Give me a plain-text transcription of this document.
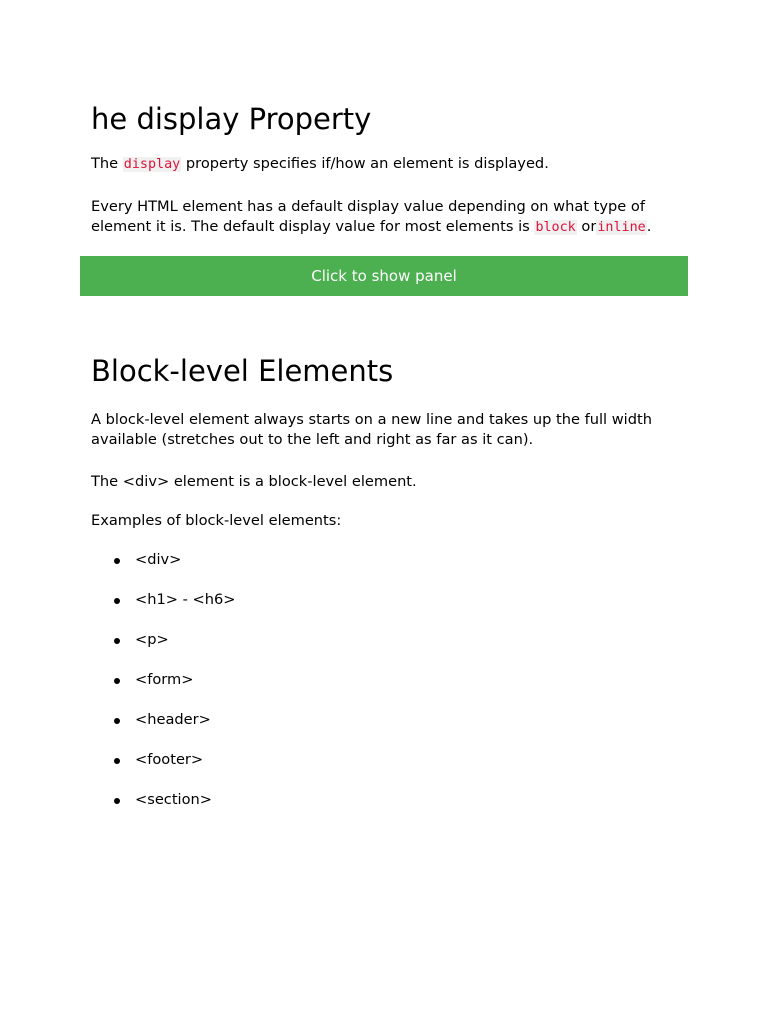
he display Property

The display property specifies if/how an element is displayed.

Every HTML element has a default display value depending on what type of
element it is. The default display value for most elements is block orinline.

Click to show panel
Block-level Elements

A block-level element always starts on a new line and takes up the full width
available (stretches out to the left and right as far as it can).

The <div> element is a block-level element.

Examples of block-level elements:

<div>
<h1> - <h6>
<p>
<form>
<header>
<footer>
<section>
